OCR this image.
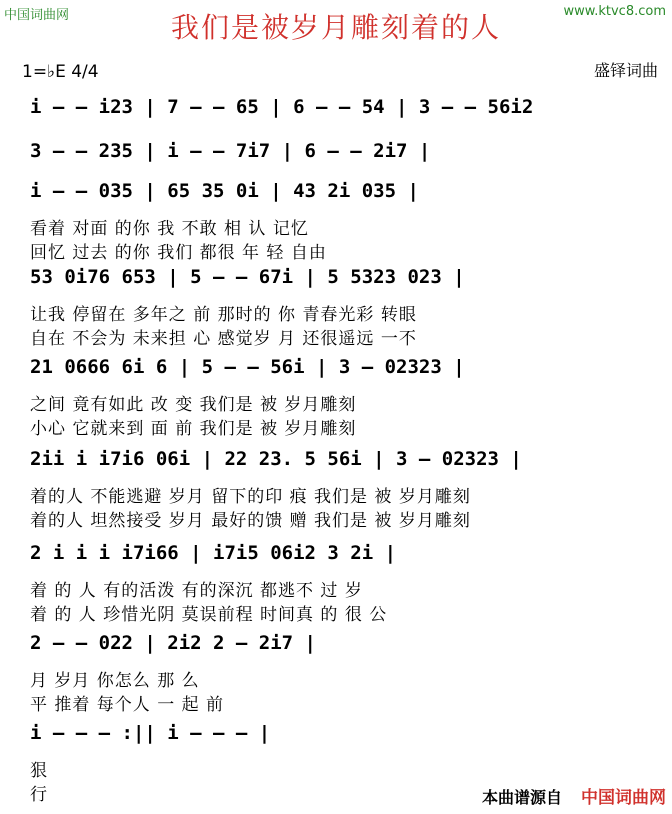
中国词曲网	www.ktvc8.com
我们是被岁月雕刻着的人
1=♭E 4/4	盛铎词曲
i – – i23 | 7 – – 65 | 6 – – 54 | 3 – – 56i2
3 – – 235 | i – – 7i7 | 6 – – 2i7 |
i – – 035 | 65 35 0i | 43 2i 035 |
看着 对面 的你 我 不敢 相 认 记忆
回忆 过去 的你 我们 都很 年 轻 自由
53 0i76 653 | 5 – – 67i | 5 5323 023 |
让我 停留在 多年之 前 那时的 你 青春光彩 转眼
自在 不会为 未来担 心 感觉岁 月 还很遥远 一不
21 0666 6i 6 | 5 – – 56i | 3 – 02323 |
之间 竟有如此 改 变 我们是 被 岁月雕刻
小心 它就来到 面 前 我们是 被 岁月雕刻
2ii i i7i6 06i | 22 23. 5 56i | 3 – 02323 |
着的人 不能逃避 岁月 留下的印 痕 我们是 被 岁月雕刻
着的人 坦然接受 岁月 最好的馈 赠 我们是 被 岁月雕刻
2 i i i i7i66 | i7i5 06i2 3 2i |
着 的 人 有的活泼 有的深沉 都逃不 过 岁
着 的 人 珍惜光阴 莫误前程 时间真 的 很 公
2 – – 022 | 2i2 2 – 2i7 |
月 岁月 你怎么 那 么
平 推着 每个人 一 起 前
i – – – :|| i – – – |
狠
行	本曲谱源自 中国词曲网
